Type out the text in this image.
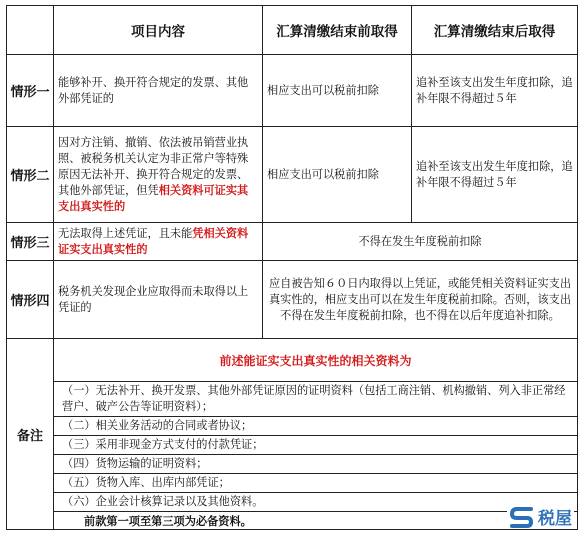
	项目内容	汇算清缴结束前取得	汇算清缴结束后取得
情形一	能够补开、换开符合规定的发票、其他外部凭证的	相应支出可以税前扣除	追补至该支出发生年度扣除，追补年限不得超过５年
情形二	因对方注销、撤销、依法被吊销营业执照、被税务机关认定为非正常户等特殊原因无法补开、换开符合规定的发票、其他外部凭证，但凭相关资料可证实其支出真实性的	相应支出可以税前扣除	追补至该支出发生年度扣除，追补年限不得超过５年
情形三	无法取得上述凭证，且未能凭相关资料证实支出真实性的	不得在发生年度税前扣除	
情形四	税务机关发现企业应取得而未取得以上凭证的	应自被告知６０日内取得以上凭证，或能凭相关资料证实支出真实性的，相应支出可以在发生年度税前扣除。否则，该支出不得在发生年度税前扣除，也不得在以后年度追补扣除。	
备注	前述能证实支出真实性的相关资料为		
	（一）无法补开、换开发票、其他外部凭证原因的证明资料（包括工商注销、机构撤销、列入非正常经营户、破产公告等证明资料）；		
	（二）相关业务活动的合同或者协议；		
	（三）采用非现金方式支付的付款凭证；		
	（四）货物运输的证明资料；		
	（五）货物入库、出库内部凭证；		
	（六）企业会计核算记录以及其他资料。		
	前款第一项至第三项为必备资料。			税屋
